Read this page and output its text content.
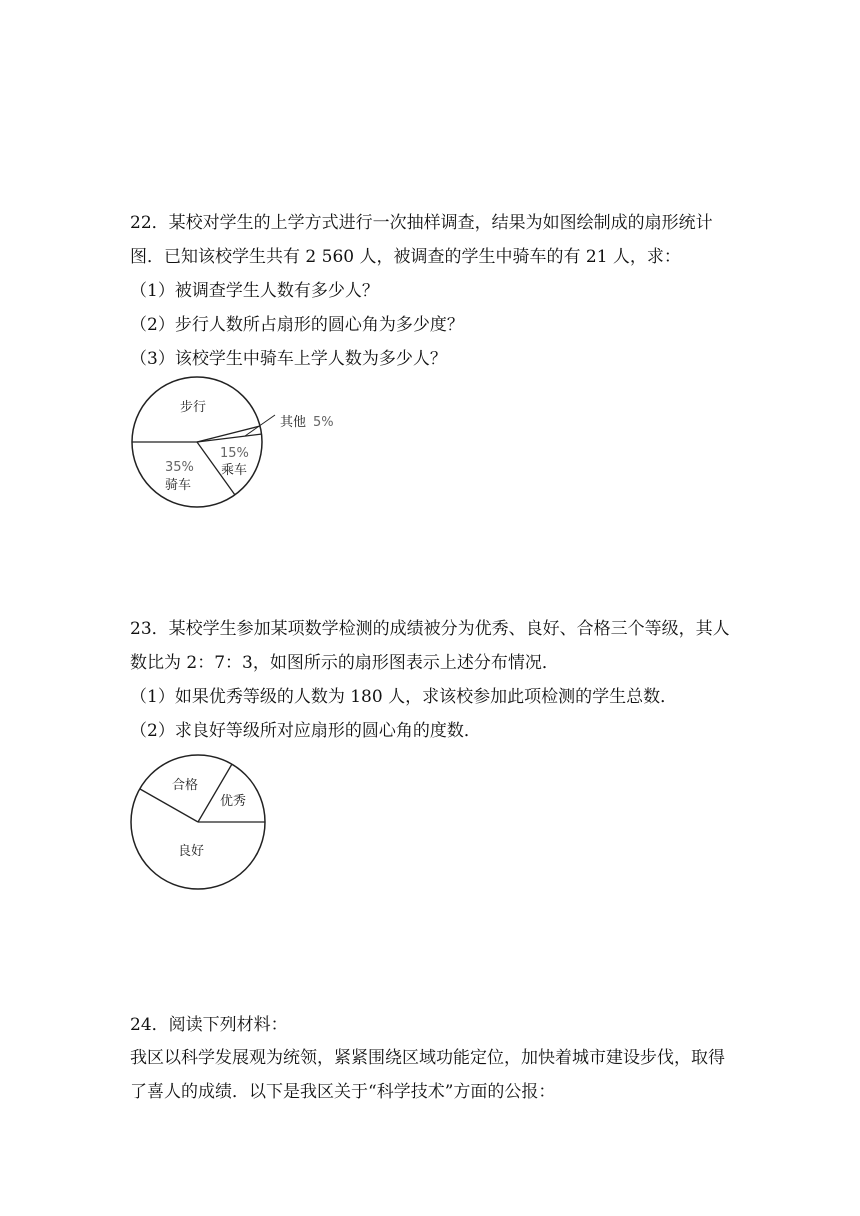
22．某校对学生的上学方式进行一次抽样调查，结果为如图绘制成的扇形统计
图．已知该校学生共有 2 560 人，被调查的学生中骑车的有 21 人，求：
（1）被调查学生人数有多少人？
（2）步行人数所占扇形的圆心角为多少度？
（3）该校学生中骑车上学人数为多少人？
步行
其他 5%
15%
乘车
35%
骑车
23．某校学生参加某项数学检测的成绩被分为优秀、良好、合格三个等级，其人
数比为 2：7：3，如图所示的扇形图表示上述分布情况．
（1）如果优秀等级的人数为 180 人，求该校参加此项检测的学生总数．
（2）求良好等级所对应扇形的圆心角的度数．
合格
优秀
良好
24．阅读下列材料：
我区以科学发展观为统领，紧紧围绕区域功能定位，加快着城市建设步伐，取得
了喜人的成绩．以下是我区关于“科学技术”方面的公报：
